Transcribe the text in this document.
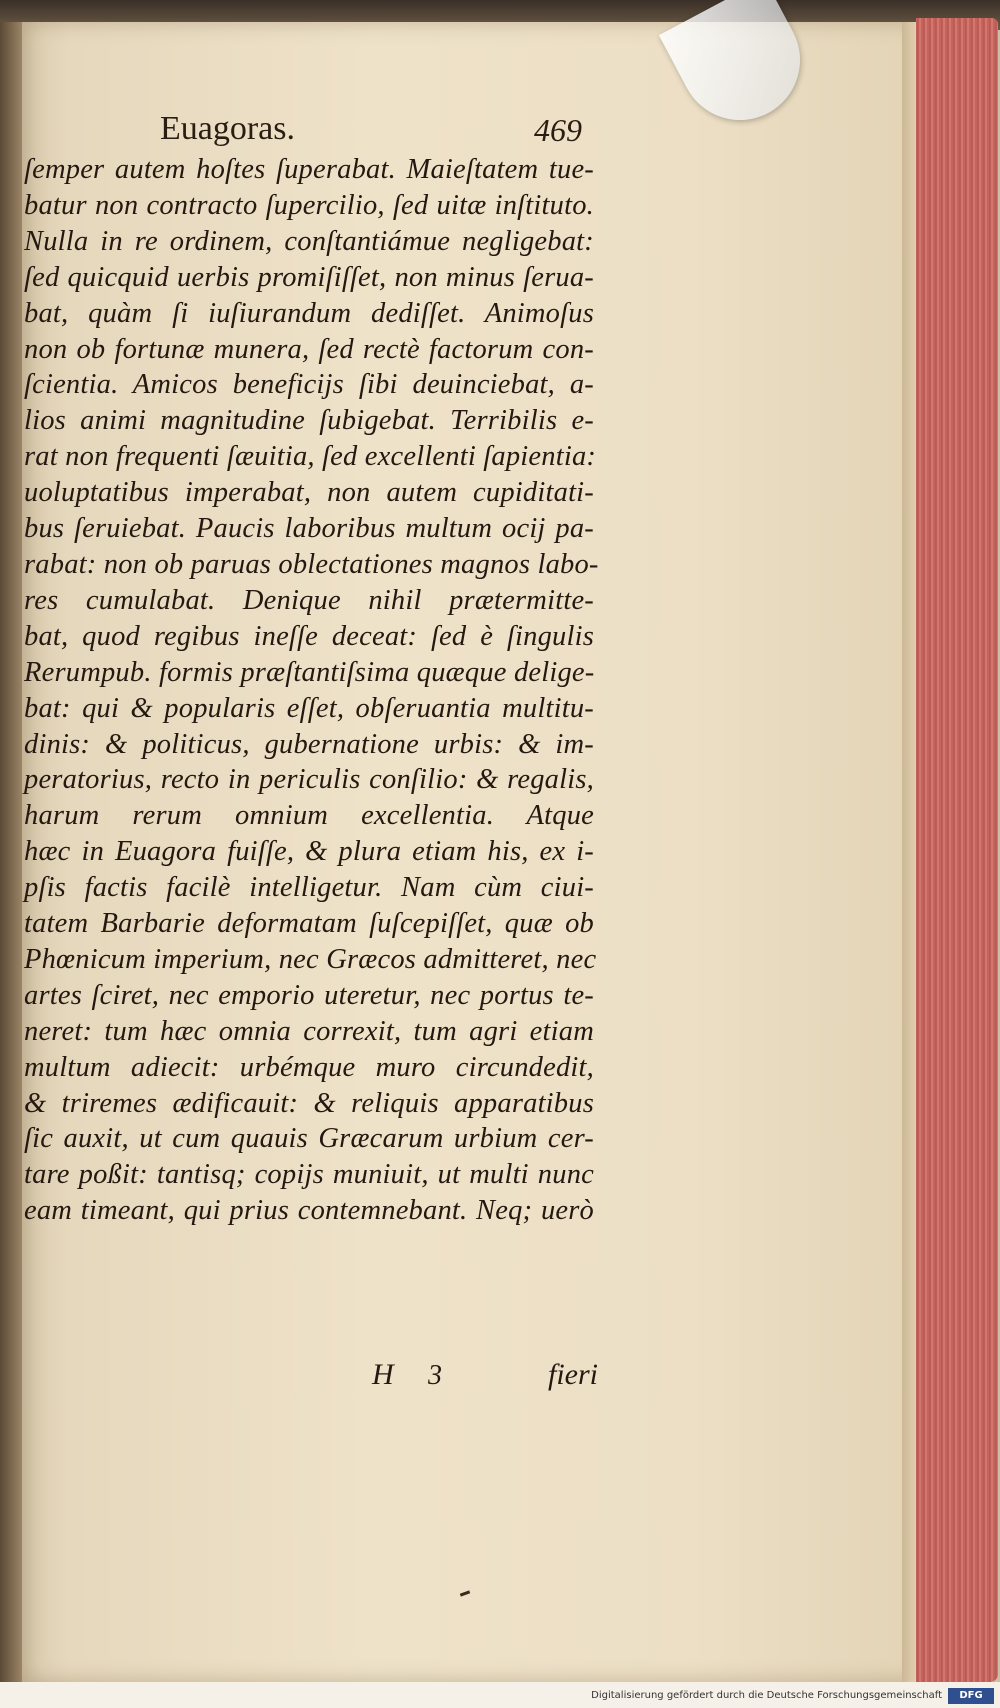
Euagoras.	469
ſemper autem hoſtes ſuperabat. Maieſtatem tue-
batur non contracto ſupercilio, ſed uitæ inſtituto.
Nulla in re ordinem, conſtantiámue negligebat:
ſed quicquid uerbis promiſiſſet, non minus ſerua-
bat, quàm ſi iuſiurandum dediſſet. Animoſus
non ob fortunæ munera, ſed rectè factorum con-
ſcientia. Amicos beneficijs ſibi deuinciebat, a-
lios animi magnitudine ſubigebat. Terribilis e-
rat non frequenti ſæuitia, ſed excellenti ſapientia:
uoluptatibus imperabat, non autem cupiditati-
bus ſeruiebat. Paucis laboribus multum ocij pa-
rabat: non ob paruas oblectationes magnos labo-
res cumulabat. Denique nihil prætermitte-
bat, quod regibus ineſſe deceat: ſed è ſingulis
Rerumpub. formis præſtantiſsima quæque delige-
bat: qui & popularis eſſet, obſeruantia multitu-
dinis: & politicus, gubernatione urbis: & im-
peratorius, recto in periculis conſilio: & regalis,
harum rerum omnium excellentia. Atque
hæc in Euagora fuiſſe, & plura etiam his, ex i-
pſis factis facilè intelligetur. Nam cùm ciui-
tatem Barbarie deformatam ſuſcepiſſet, quæ ob
Phœnicum imperium, nec Græcos admitteret, nec
artes ſciret, nec emporio uteretur, nec portus te-
neret: tum hæc omnia correxit, tum agri etiam
multum adiecit: urbémque muro circundedit,
& triremes ædificauit: & reliquis apparatibus
ſic auxit, ut cum quauis Græcarum urbium cer-
tare poßit: tantisq; copijs muniuit, ut multi nunc
eam timeant, qui prius contemnebant. Neq; uerò
H 3	fieri
Digitalisierung gefördert durch die Deutsche Forschungsgemeinschaft	DFG
